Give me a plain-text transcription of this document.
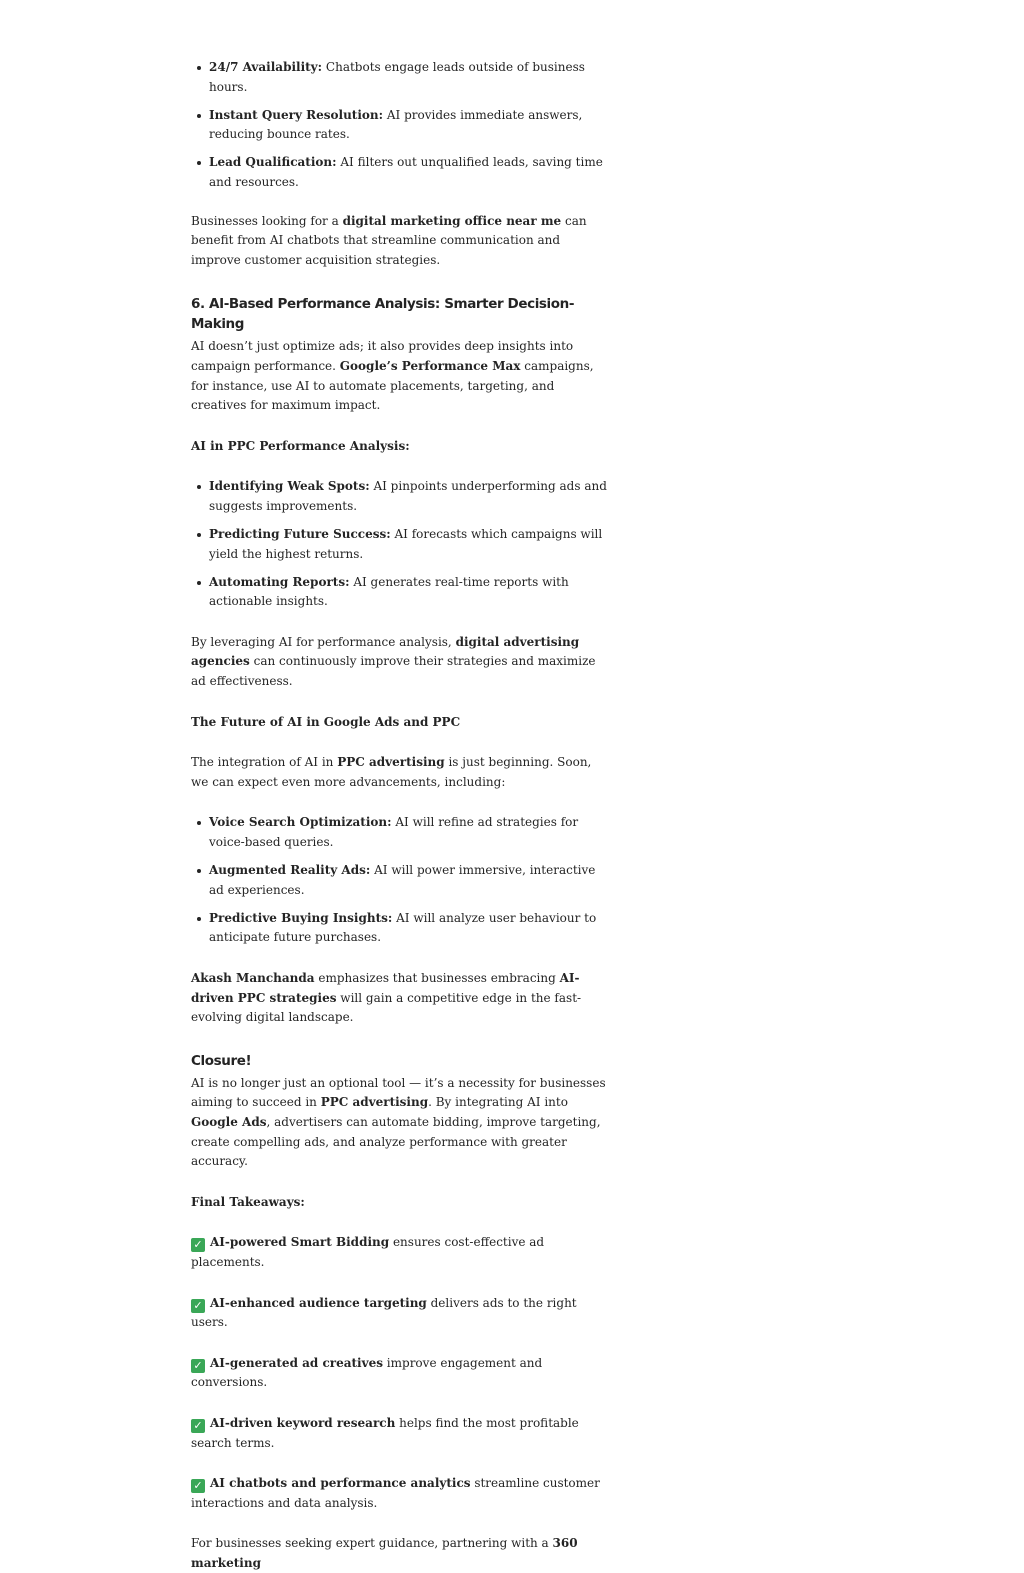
24/7 Availability: Chatbots engage leads outside of business hours.
Instant Query Resolution: AI provides immediate answers, reducing bounce rates.
Lead Qualification: AI filters out unqualified leads, saving time and resources.

Businesses looking for a digital marketing office near me can benefit from AI chatbots that streamline communication and improve customer acquisition strategies.

6. AI-Based Performance Analysis: Smarter Decision-Making

AI doesn’t just optimize ads; it also provides deep insights into campaign performance. Google’s Performance Max campaigns, for instance, use AI to automate placements, targeting, and creatives for maximum impact.

AI in PPC Performance Analysis:

Identifying Weak Spots: AI pinpoints underperforming ads and suggests improvements.
Predicting Future Success: AI forecasts which campaigns will yield the highest returns.
Automating Reports: AI generates real-time reports with actionable insights.

By leveraging AI for performance analysis, digital advertising agencies can continuously improve their strategies and maximize ad effectiveness.

The Future of AI in Google Ads and PPC

The integration of AI in PPC advertising is just beginning. Soon, we can expect even more advancements, including:

Voice Search Optimization: AI will refine ad strategies for voice-based queries.
Augmented Reality Ads: AI will power immersive, interactive ad experiences.
Predictive Buying Insights: AI will analyze user behaviour to anticipate future purchases.

Akash Manchanda emphasizes that businesses embracing AI-driven PPC strategies will gain a competitive edge in the fast-evolving digital landscape.

Closure!

AI is no longer just an optional tool — it’s a necessity for businesses aiming to succeed in PPC advertising. By integrating AI into Google Ads, advertisers can automate bidding, improve targeting, create compelling ads, and analyze performance with greater accuracy.

Final Takeaways:

✓ AI-powered Smart Bidding ensures cost-effective ad placements.

✓ AI-enhanced audience targeting delivers ads to the right users.

✓ AI-generated ad creatives improve engagement and conversions.

✓ AI-driven keyword research helps find the most profitable search terms.

✓ AI chatbots and performance analytics streamline customer interactions and data analysis.

For businesses seeking expert guidance, partnering with a 360 marketing
